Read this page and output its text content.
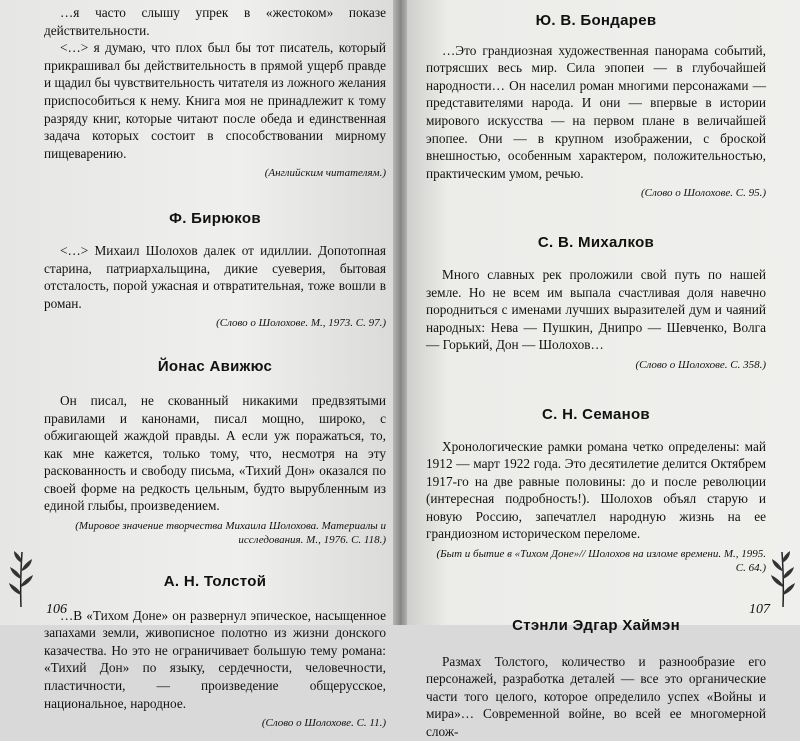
…я часто слышу упрек в «жестоком» показе действительности.

<…> я думаю, что плох был бы тот писатель, который прикрашивал бы действительность в прямой ущерб правде и щадил бы чувствительность читателя из ложного желания приспособиться к нему. Книга моя не принадлежит к тому разряду книг, которые читают после обеда и единственная задача которых состоит в способствовании мирному пищеварению.

(Английским читателям.)
Ф. Бирюков

<…> Михаил Шолохов далек от идиллии. Допотопная старина, патриархальщина, дикие суеверия, бытовая отсталость, порой ужасная и отвратительная, тоже вошли в роман.

(Слово о Шолохове. М., 1973. С. 97.)
Йонас Авижюс

Он писал, не скованный никакими предвзятыми правилами и канонами, писал мощно, широко, с обжигающей жаждой правды. А если уж поражаться, то, как мне кажется, только тому, что, несмотря на эту раскованность и свободу письма, «Тихий Дон» оказался по своей форме на редкость цельным, будто вырубленным из единой глыбы, произведением.

(Мировое значение творчества Михаила Шолохова. Материалы и исследования. М., 1976. С. 118.)
А. Н. Толстой

…В «Тихом Доне» он развернул эпическое, насыщенное запахами земли, живописное полотно из жизни донского казачества. Но это не ограничивает большую тему романа: «Тихий Дон» по языку, сердечности, человечности, пластичности, — произведение общерусское, национальное, народное.

(Слово о Шолохове. С. 11.)
106
Ю. В. Бондарев

…Это грандиозная художественная панорама событий, потрясших весь мир. Сила эпопеи — в глубочайшей народности… Он населил роман многими персонажами — представителями народа. И они — впервые в истории мирового искусства — на первом плане в величайшей эпопее. Они — в крупном изображении, с броской внешностью, особенным характером, положительностью, практическим умом, речью.

(Слово о Шолохове. С. 95.)
С. В. Михалков

Много славных рек проложили свой путь по нашей земле. Но не всем им выпала счастливая доля навечно породниться с именами лучших выразителей дум и чаяний народных: Нева — Пушкин, Днипро — Шевченко, Волга — Горький, Дон — Шолохов…

(Слово о Шолохове. С. 358.)
С. Н. Семанов

Хронологические рамки романа четко определены: май 1912 — март 1922 года. Это десятилетие делится Октябрем 1917-го на две равные половины: до и после революции (интересная подробность!). Шолохов объял старую и новую Россию, запечатлел народную жизнь на ее грандиозном историческом переломе.

(Быт и бытие в «Тихом Доне»// Шолохов на изломе времени. М., 1995. С. 64.)
Стэнли Эдгар Хаймэн

Размах Толстого, количество и разнообразие его персонажей, разработка деталей — все это органические части того целого, которое определило успех «Войны и мира»… Современной войне, во всей ее многомерной слож-

107
